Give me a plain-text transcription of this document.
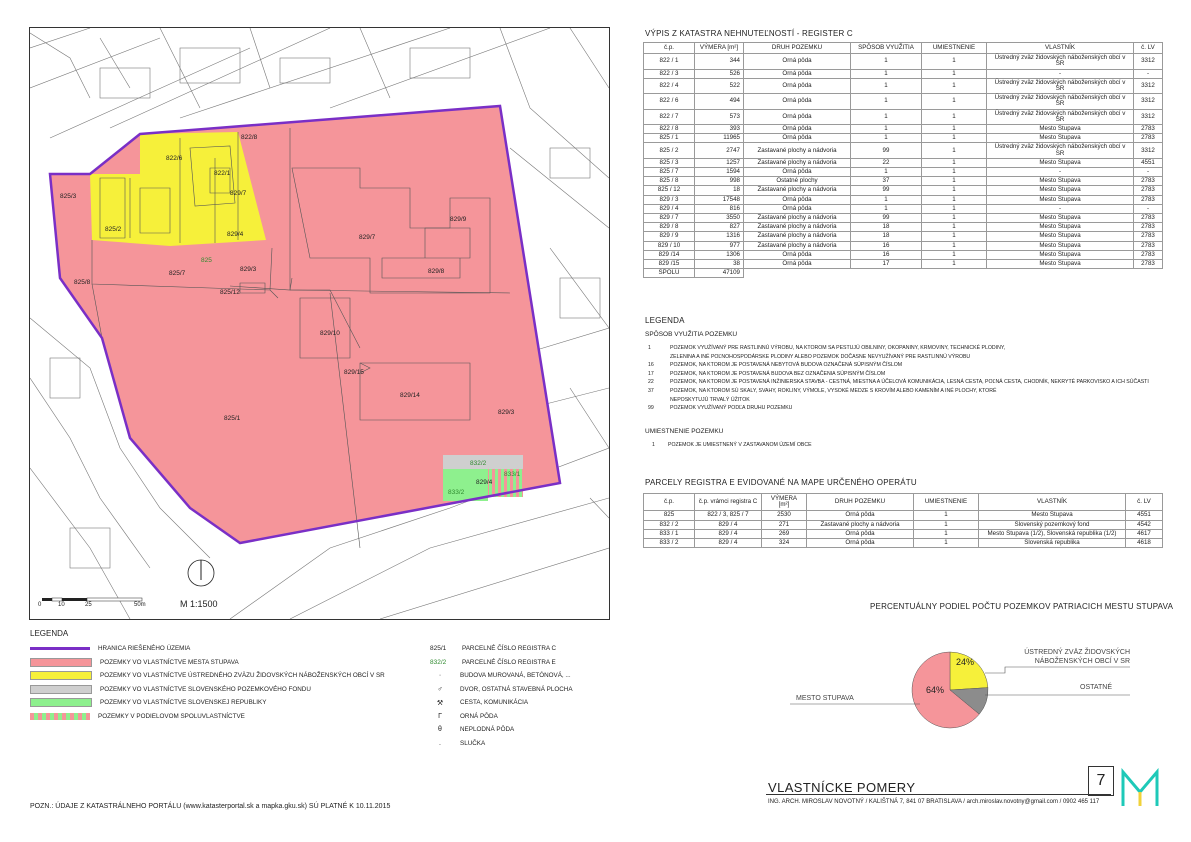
822/8
822/6
822/1
829/7
825/3
825/2
829/4
825/8
825/7
829/3
825/12
829/7
829/9
829/8
829/10
829/15
829/14
825/1
829/3
829/4
825
832/2
833/1
833/2
0	10	25	50m	M 1:1500
VÝPIS Z KATASTRA NEHNUTEĽNOSTÍ - REGISTER C
č.p.	VÝMERA [m²]	DRUH POZEMKU	SPÔSOB VYUŽITIA	UMIESTNENIE	VLASTNÍK	č. LV
822 / 1	344	Orná pôda	1	1	Ústredný zväz židovských náboženských obcí v SR	3312
822 / 3	526	Orná pôda	1	1	-	-
822 / 4	522	Orná pôda	1	1	Ústredný zväz židovských náboženských obcí v SR	3312
822 / 6	494	Orná pôda	1	1	Ústredný zväz židovských náboženských obcí v SR	3312
822 / 7	573	Orná pôda	1	1	Ústredný zväz židovských náboženských obcí v SR	3312
822 / 8	393	Orná pôda	1	1	Mesto Stupava	2783
825 / 1	11965	Orná pôda	1	1	Mesto Stupava	2783
825 / 2	2747	Zastavané plochy a nádvoria	99	1	Ústredný zväz židovských náboženských obcí v SR	3312
825 / 3	1257	Zastavané plochy a nádvoria	22	1	Mesto Stupava	4551
825 / 7	1594	Orná pôda	1	1	-	-
825 / 8	998	Ostatné plochy	37	1	Mesto Stupava	2783
825 / 12	18	Zastavané plochy a nádvoria	99	1	Mesto Stupava	2783
829 / 3	17548	Orná pôda	1	1	Mesto Stupava	2783
829 / 4	816	Orná pôda	1	1	-	-
829 / 7	3550	Zastavané plochy a nádvoria	99	1	Mesto Stupava	2783
829 / 8	827	Zastavané plochy a nádvoria	18	1	Mesto Stupava	2783
829 / 9	1316	Zastavané plochy a nádvoria	18	1	Mesto Stupava	2783
829 / 10	977	Zastavané plochy a nádvoria	16	1	Mesto Stupava	2783
829 /14	1306	Orná pôda	16	1	Mesto Stupava	2783
829 /15	38	Orná pôda	17	1	Mesto Stupava	2783
SPOLU	47109					
LEGENDA
SPÔSOB VYUŽITIA POZEMKU
1	POZEMOK VYUŽÍVANÝ PRE RASTLINNÚ VÝROBU, NA KTOROM SA PESTUJÚ OBILNINY, OKOPANINY, KRMOVINY, TECHNICKÉ PLODINY,
ZELENINA A INÉ POĽNOHOSPODÁRSKE PLODINY ALEBO POZEMOK DOČASNE NEVYUŽÍVANÝ PRE RASTLINNÚ VÝROBU
16	POZEMOK, NA KTOROM JE POSTAVENÁ NEBYTOVÁ BUDOVA OZNAČENÁ SÚPISNÝM ČÍSLOM
17	POZEMOK, NA KTOROM JE POSTAVENÁ BUDOVA BEZ OZNAČENIA SÚPISNÝM ČÍSLOM
22	POZEMOK, NA KTOROM JE POSTAVENÁ INŽINIERSKA STAVBA - CESTNÁ, MIESTNA A ÚČELOVÁ KOMUNIKÁCIA, LESNÁ CESTA, POĽNÁ CESTA, CHODNÍK, NEKRYTÉ PARKOVISKO A ICH SÚČASTI
37	POZEMOK, NA KTOROM SÚ SKALY, SVAHY, ROKLINY, VÝMOLE, VYSOKÉ MEDZE S KROVÍM ALEBO KAMENÍM A INÉ PLOCHY, KTORÉ
NEPOSKYTUJÚ TRVALÝ ÚŽITOK
99	POZEMOK VYUŽÍVANÝ PODĽA DRUHU POZEMKU
UMIESTNENIE POZEMKU
1	POZEMOK JE UMIESTNENÝ V ZASTAVANOM ÚZEMÍ OBCE
PARCELY REGISTRA E EVIDOVANÉ NA MAPE URČENÉHO OPERÁTU
č.p.	č.p. vrámci registra C	VÝMERA [m²]	DRUH POZEMKU	UMIESTNENIE	VLASTNÍK	č. LV
825	822 / 3, 825 / 7	2530	Orná pôda	1	Mesto Stupava	4551
832 / 2	829 / 4	271	Zastavané plochy a nádvoria	1	Slovenský pozemkový fond	4542
833 / 1	829 / 4	269	Orná pôda	1	Mesto Stupava (1/2), Slovenská republika (1/2)	4617
833 / 2	829 / 4	324	Orná pôda	1	Slovenská republika	4618
PERCENTUÁLNY PODIEL POČTU POZEMKOV PATRIACICH MESTU STUPAVA
24%
64%
ÚSTREDNÝ ZVÄZ ŽIDOVSKÝCH NÁBOŽENSKÝCH OBCÍ V SR
OSTATNÉ
MESTO STUPAVA
LEGENDA
HRANICA RIEŠENÉHO ÚZEMIA
POZEMKY VO VLASTNÍCTVE MESTA STUPAVA
POZEMKY VO VLASTNÍCTVE ÚSTREDNÉHO ZVÄZU ŽIDOVSKÝCH NÁBOŽENSKÝCH OBCÍ V SR
POZEMKY VO VLASTNÍCTVE SLOVENSKÉHO POZEMKOVÉHO FONDU
POZEMKY VO VLASTNÍCTVE SLOVENSKEJ REPUBLIKY
POZEMKY V PODIELOVOM SPOLUVLASTNÍCTVE
825/1	PARCELNÉ ČÍSLO REGISTRA C
832/2	PARCELNÉ ČÍSLO REGISTRA E
·	BUDOVA MUROVANÁ, BETÓNOVÁ, ...
♂	DVOR, OSTATNÁ STAVEBNÁ PLOCHA
⚒	CESTA, KOMUNIKÁCIA
Γ	ORNÁ PÔDA
θ	NEPLODNÁ PÔDA
.	SLUČKA
POZN.: ÚDAJE Z KATASTRÁLNEHO PORTÁLU (www.katasterportal.sk a mapka.gku.sk) SÚ PLATNÉ K 10.11.2015
VLASTNÍCKE POMERY
ING. ARCH. MIROSLAV NOVOTNÝ / KALIŠTNÁ 7, 841 07 BRATISLAVA / arch.miroslav.novotny@gmail.com / 0902 465 117
7
